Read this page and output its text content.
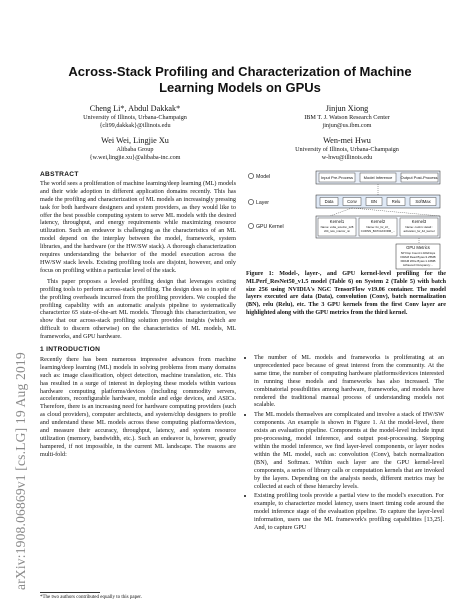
arXiv:1908.06869v1 [cs.LG] 19 Aug 2019
Across-Stack Profiling and Characterization of Machine Learning Models on GPUs
Cheng Li*, Abdul Dakkak*
University of Illinois, Urbana-Champaign
{cli99,dakkak}@illinois.edu
Jinjun Xiong
IBM T. J. Watson Research Center
jinjun@us.ibm.com
Wei Wei, Lingjie Xu
Alibaba Group
{w.wei,lingjie.xu}@alibaba-inc.com
Wen-mei Hwu
University of Illinois, Urbana-Champaign
w-hwu@illinois.edu
ABSTRACT

The world sees a proliferation of machine learning/deep learning (ML) models and their wide adoption in different application domains recently. This has made the profiling and characterization of ML models an increasingly pressing task for both hardware designers and system providers, as they would like to offer the best possible computing system to serve ML models with the desired latency, throughput, and energy requirements while maximizing resource utilization. Such an endeavor is challenging as the characteristics of an ML model depend on the interplay between the model, framework, system libraries, and the hardware (or the HW/SW stack). A thorough characterization requires understanding the behavior of the model execution across the HW/SW stack levels. Existing profiling tools are disjoint, however, and only focus on profiling within a particular level of the stack.

This paper proposes a leveled profiling design that leverages existing profiling tools to perform across-stack profiling. The design does so in spite of the profiling overheads incurred from the profiling providers. We coupled the profiling capability with an automatic analysis pipeline to systematically characterize 65 state-of-the-art ML models. Through this characterization, we show that our across-stack profiling solution provides insights (which are difficult to discern otherwise) on the characteristics of ML models, ML frameworks, and GPU hardware.

1 INTRODUCTION

Recently there has been numerous impressive advances from machine learning/deep learning (ML) models in solving problems from many domains such as: image classification, object detection, machine translation, etc. This has resulted in a surge of interest in deploying these models within various hardware computing platforms/devices (including commodity servers, accelerators, reconfigurable hardware, mobile and edge devices, and ASICs. Therefore, there is an increasing need for hardware computing providers (such as cloud providers), computer architects, and system/chip designers to profile and understand these ML models across these computing platforms/devices, and measure their accuracy, throughput, latency, and system resource utilization (memory, bandwidth, etc.). Such an endeavor is, however, greatly hampered, if not impossible, in the current ML landscape. The reasons are multi-fold:

*The two authors contributed equally to this paper.
Model
Layer
GPU Kernel
Input Pre-Process	Model Inference Output Post-Process
Data	Conv	BN	Relu	SoftMax
Kernel1
Name: volta_scudnn_128
x64_relu_interior_nn
Kernel2
Name: bn_fw_inf_
CUDNN_BATCHNORM_...
Kernel3
Name: cudnn::detail::
activation_fw_4d_kernel
GPU Metrics
SP Flop Count:1.02GFlops
DRAM Read Bytes:3.25MB
DRAM Write Bytes:1.16MB
Achieved Occupancy:...
Figure 1: Model-, layer-, and GPU kernel-level profiling for the MLPerf_ResNet50_v1.5 model (Table 6) on System 2 (Table 5) with batch size 256 using NVIDIA's NGC TensorFlow v19.06 container. The model layers executed are data (Data), convolution (Conv), batch normalization (BN), relu (Relu), etc. The 3 GPU kernels from the first Conv layer are highlighted along with the GPU metrics from the third kernel.
• The number of ML models and frameworks is proliferating at an unprecedented pace because of great interest from the community. At the same time, the number of computing hardware platforms/devices interested in running these models and frameworks has also increased. The combinatorial possibilities among hardware, frameworks, and models have rendered the traditional manual process of understanding models not scalable.
• The ML models themselves are complicated and involve a stack of HW/SW components. An example is shown in Figure 1. At the model-level, there exists an evaluation pipeline. Components at the model-level include input pre-processing, model inference, and output post-processing. Stepping within the model inference, we find layer-level components, or layer nodes within the ML model, such as: convolution (Conv), batch normalization (BN), and Softmax. Within each layer are the GPU kernel-level components, a series of library calls or computation kernels that are invoked by the layers. Depending on the analysis needs, different metrics may be collected at each of these hierarchy levels.
• Existing profiling tools provide a partial view to the model's execution. For example, to characterize model latency, users insert timing code around the model inference stage of the evaluation pipeline. To capture the layer-level information, users use the ML framework's profiling capabilities [13,25]. And, to capture GPU
